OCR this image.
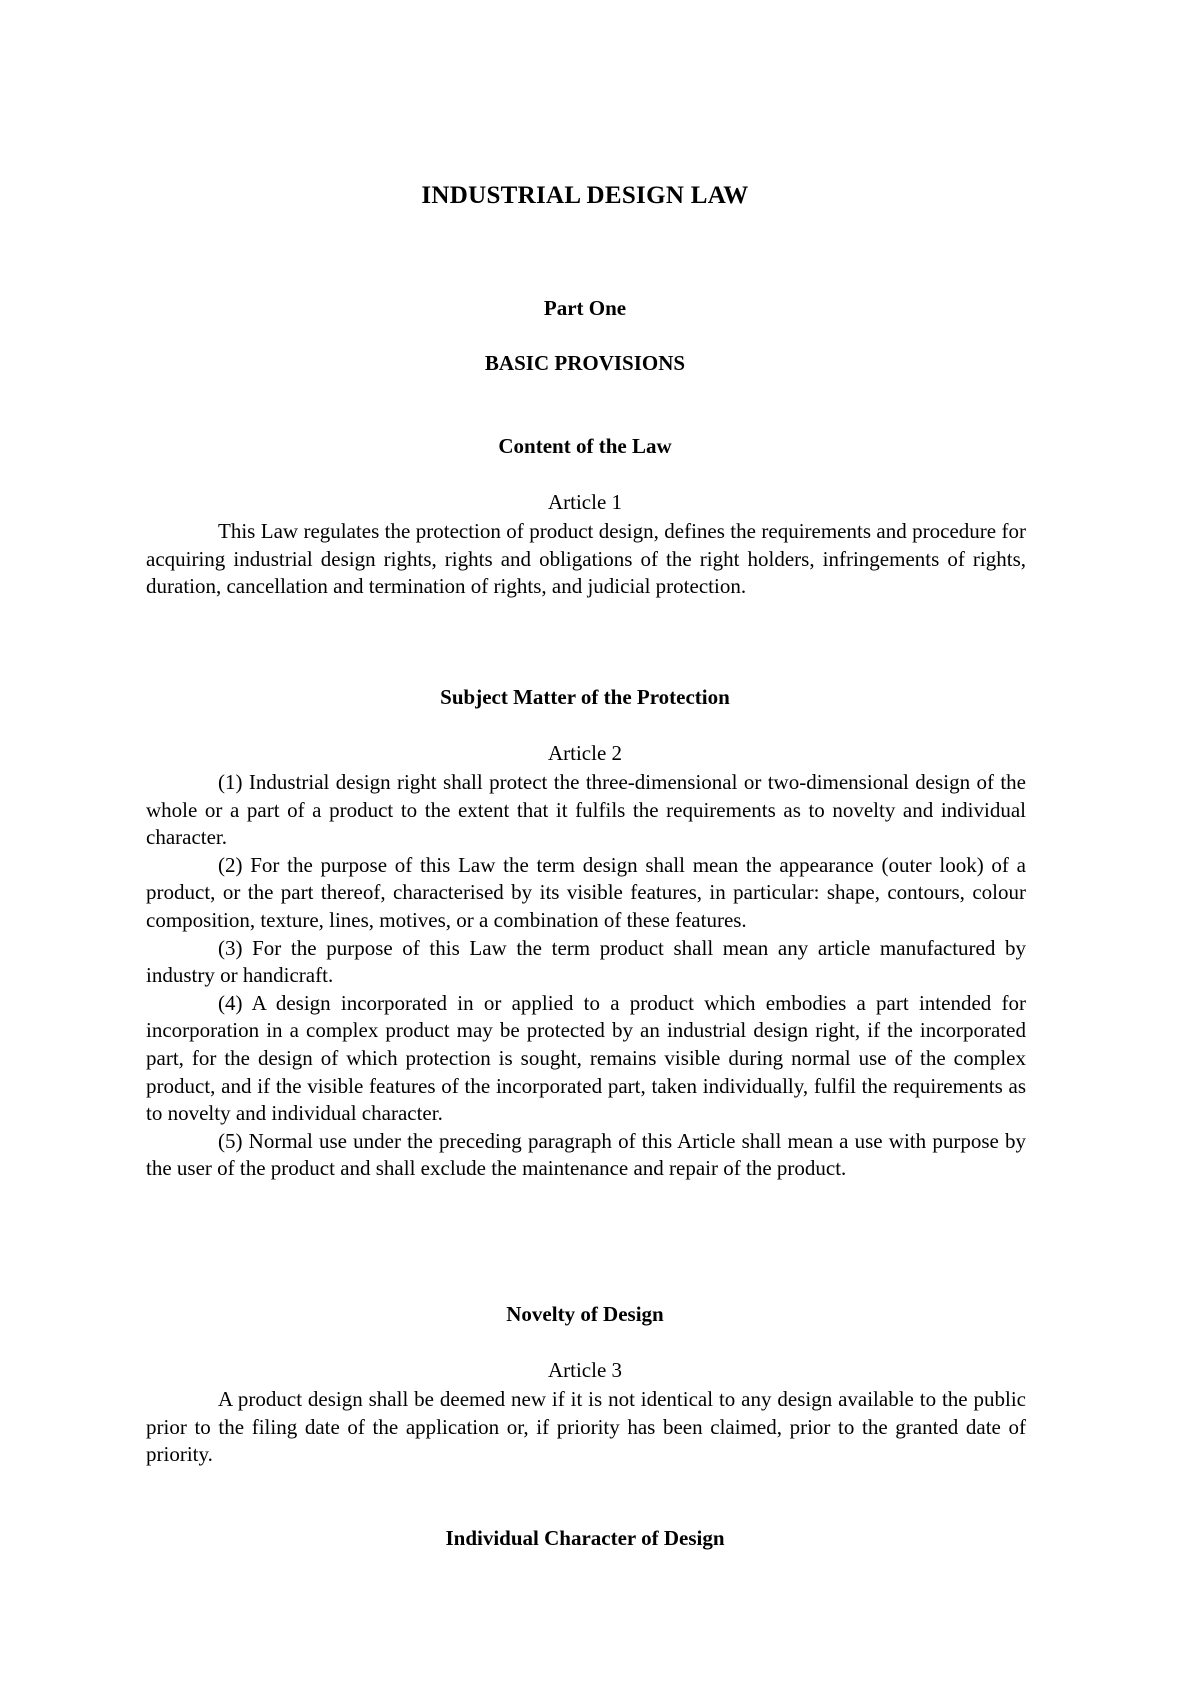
INDUSTRIAL DESIGN LAW
Part One
BASIC PROVISIONS
Content of the Law
Article 1

This Law regulates the protection of product design, defines the requirements and procedure for acquiring industrial design rights, rights and obligations of the right holders, infringements of rights, duration, cancellation and termination of rights, and judicial protection.

Subject Matter of the Protection
Article 2

(1) Industrial design right shall protect the three-dimensional or two-dimensional design of the whole or a part of a product to the extent that it fulfils the requirements as to novelty and individual character.

(2) For the purpose of this Law the term design shall mean the appearance (outer look) of a product, or the part thereof, characterised by its visible features, in particular: shape, contours, colour composition, texture, lines, motives, or a combination of these features.

(3) For the purpose of this Law the term product shall mean any article manufactured by industry or handicraft.

(4) A design incorporated in or applied to a product which embodies a part intended for incorporation in a complex product may be protected by an industrial design right, if the incorporated part, for the design of which protection is sought, remains visible during normal use of the complex product, and if the visible features of the incorporated part, taken individually, fulfil the requirements as to novelty and individual character.

(5) Normal use under the preceding paragraph of this Article shall mean a use with purpose by the user of the product and shall exclude the maintenance and repair of the product.

Novelty of Design
Article 3

A product design shall be deemed new if it is not identical to any design available to the public prior to the filing date of the application or, if priority has been claimed, prior to the granted date of priority.

Individual Character of Design
